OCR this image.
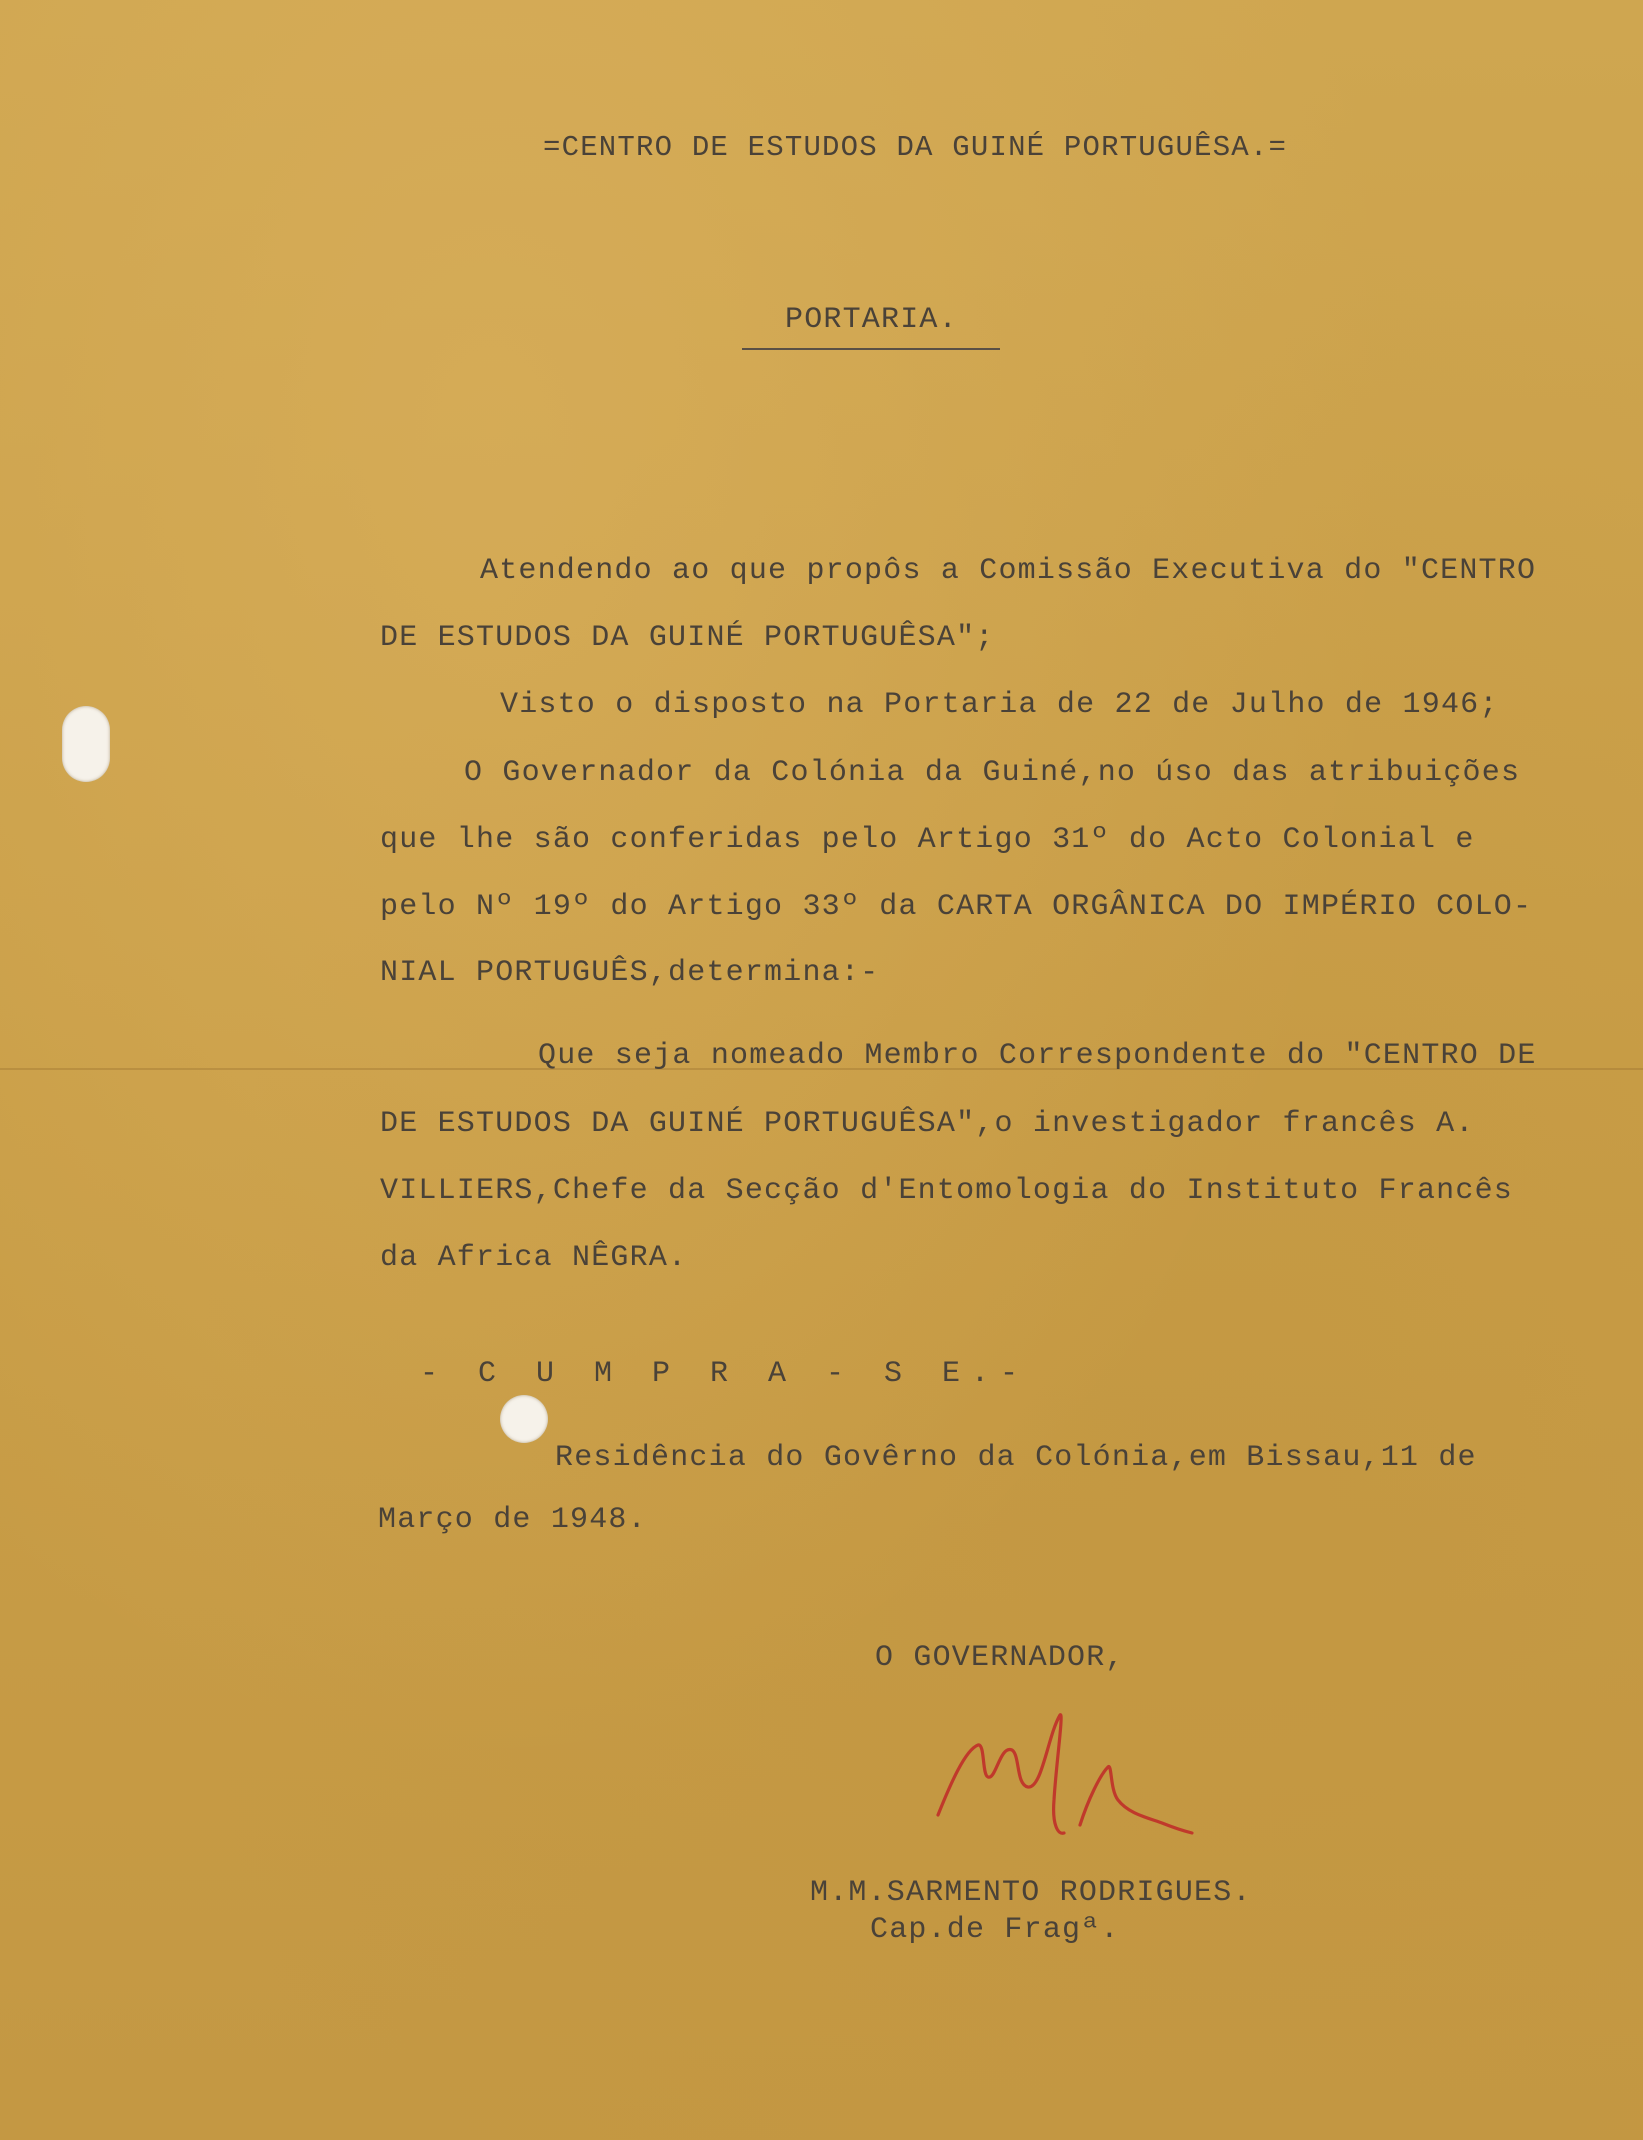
=CENTRO DE ESTUDOS DA GUINÉ PORTUGUÊSA.=
PORTARIA.
Atendendo ao que propôs a Comissão Executiva do "CENTRO
DE ESTUDOS DA GUINÉ PORTUGUÊSA";
Visto o disposto na Portaria de 22 de Julho de 1946;
O Governador da Colónia da Guiné,no úso das atribuições
que lhe são conferidas pelo Artigo 31º do Acto Colonial e
pelo Nº 19º do Artigo 33º da CARTA ORGÂNICA DO IMPÉRIO COLO-
NIAL PORTUGUÊS,determina:-
Que seja nomeado Membro Correspondente do "CENTRO DE
DE ESTUDOS DA GUINÉ PORTUGUÊSA",o investigador francês A.
VILLIERS,Chefe da Secção d'Entomologia do Instituto Francês
da Africa NÊGRA.
- C U M P R A - S E.-
Residência do Govêrno da Colónia,em Bissau,11 de
Março de 1948.
O GOVERNADOR,
M.M.SARMENTO RODRIGUES.
Cap.de Fragª.
